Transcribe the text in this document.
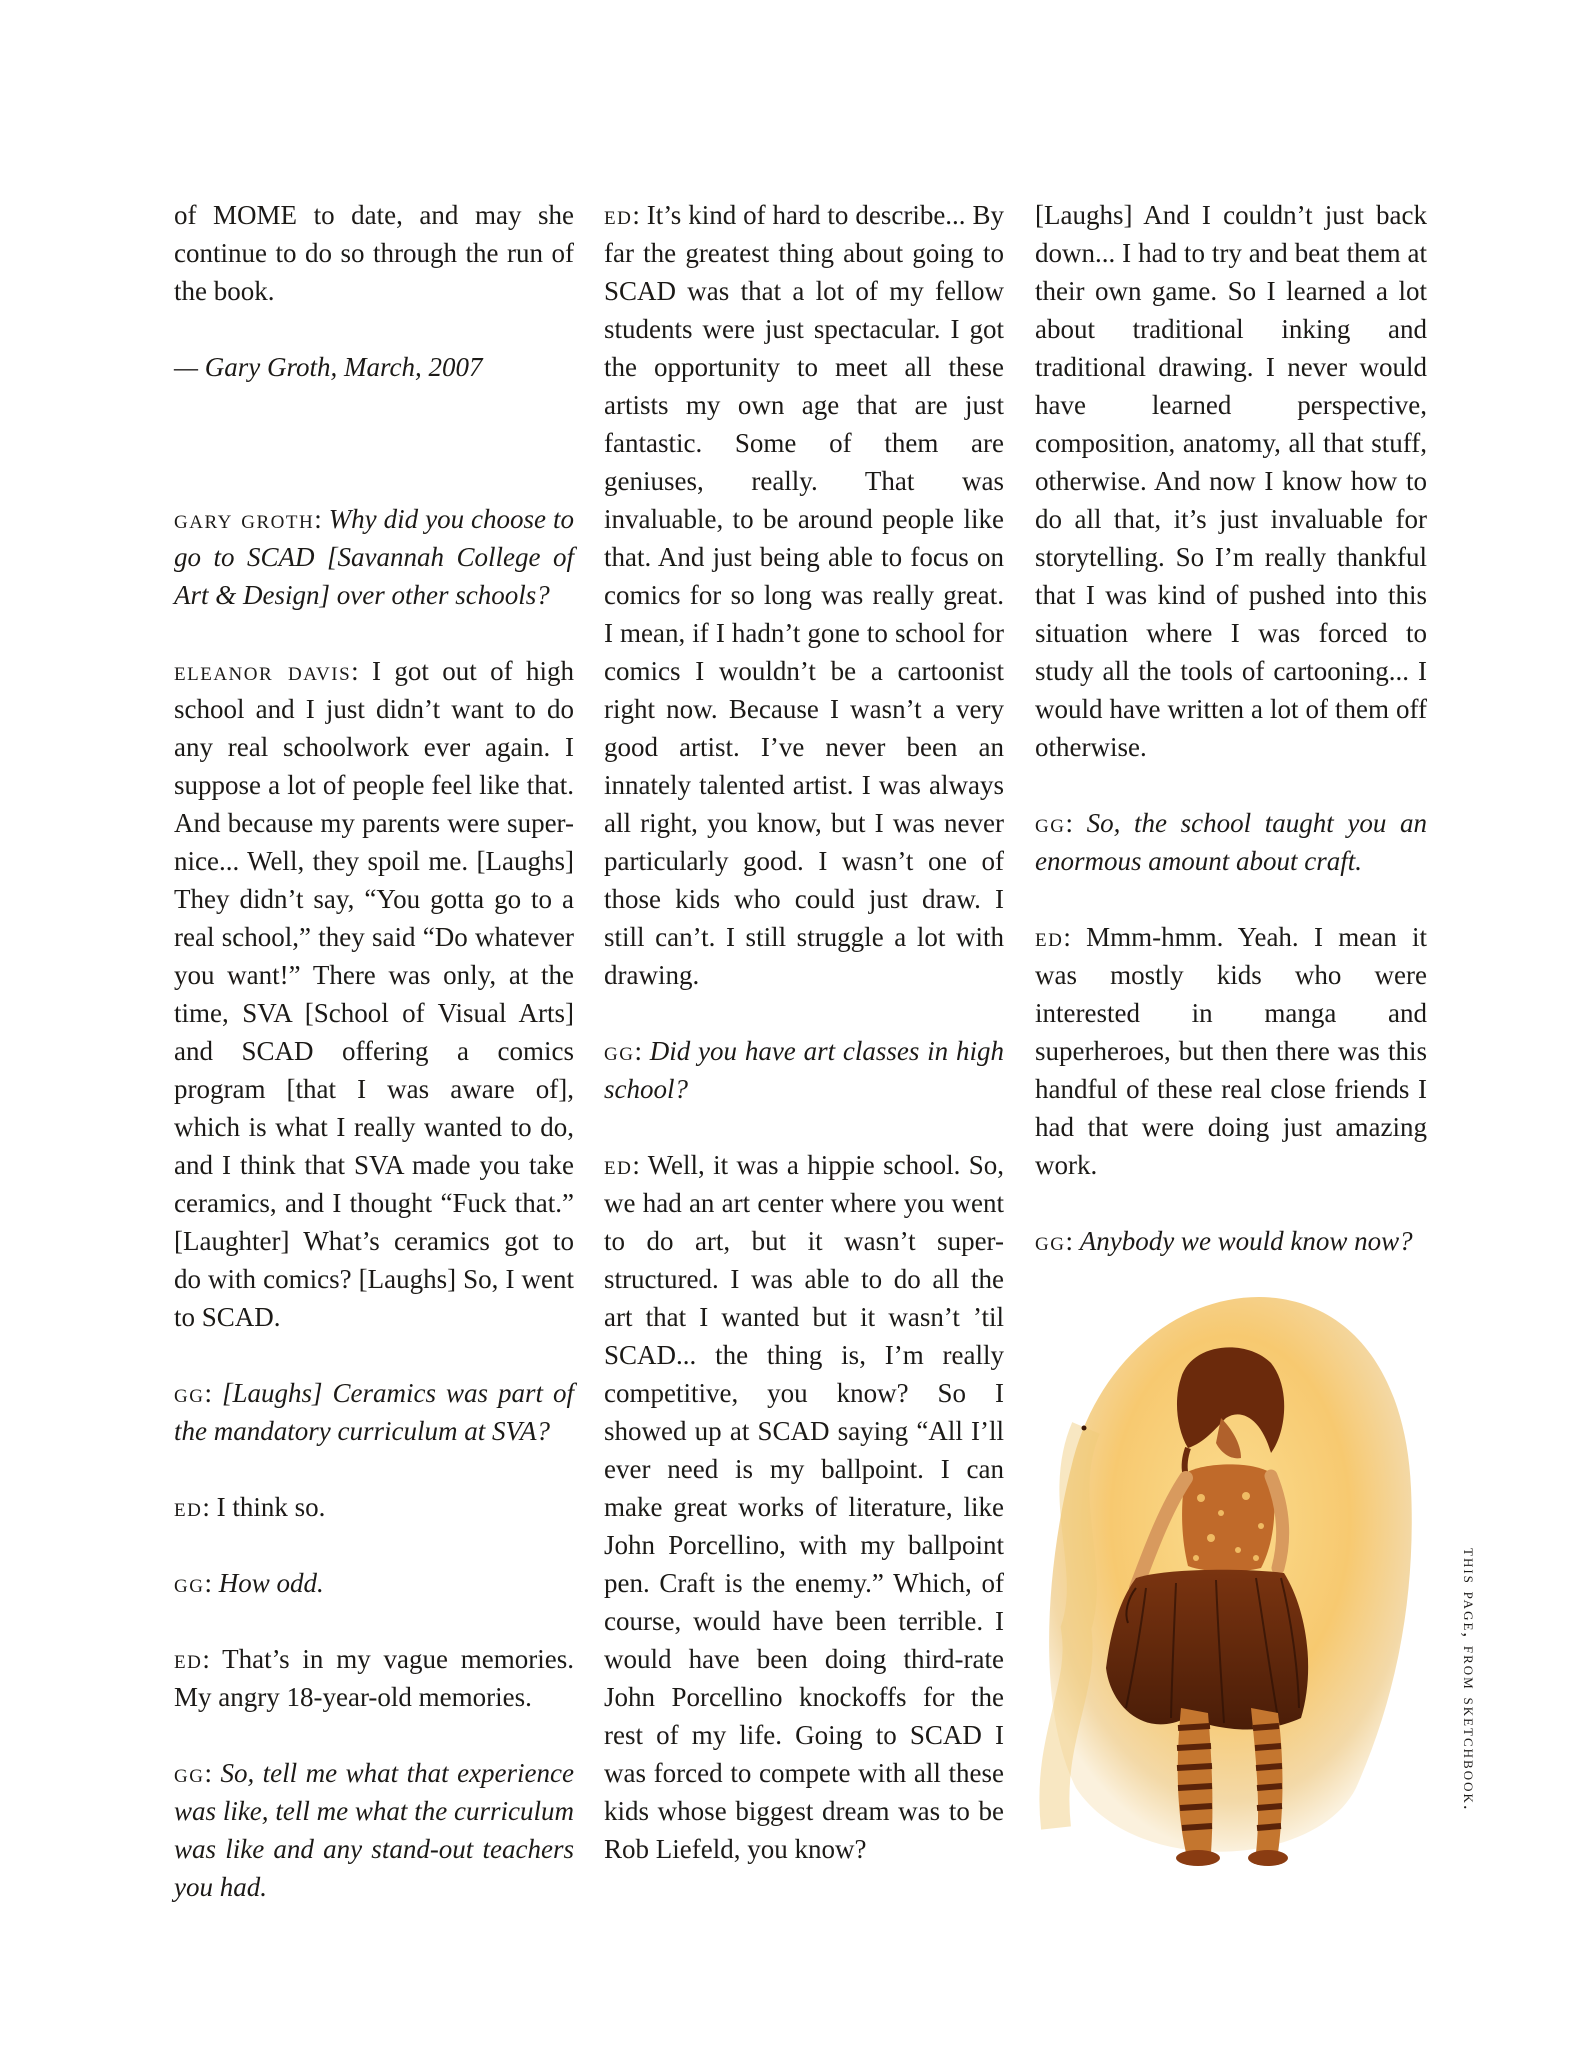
of MOME to date, and may she continue to do so through the run of the book.

— Gary Groth, March, 2007

gary groth: Why did you choose to go to SCAD [Savannah College of Art & Design] over other schools?

eleanor davis: I got out of high school and I just didn’t want to do any real schoolwork ever again. I suppose a lot of people feel like that. And because my parents were super-nice... Well, they spoil me. [Laughs] They didn’t say, “You gotta go to a real school,” they said “Do whatever you want!” There was only, at the time, SVA [School of Visual Arts] and SCAD offering a comics program [that I was aware of], which is what I really wanted to do, and I think that SVA made you take ceramics, and I thought “Fuck that.” [Laughter] What’s ceramics got to do with comics? [Laughs] So, I went to SCAD.

gg: [Laughs] Ceramics was part of the mandatory curriculum at SVA?

ed: I think so.

gg: How odd.

ed: That’s in my vague memories. My angry 18-year-old memories.

gg: So, tell me what that experience was like, tell me what the curriculum was like and any stand-out teachers you had.

ed: It’s kind of hard to describe... By far the greatest thing about going to SCAD was that a lot of my fellow students were just spectacular. I got the opportunity to meet all these artists my own age that are just fantastic. Some of them are geniuses, really. That was invaluable, to be around people like that. And just being able to focus on comics for so long was really great. I mean, if I hadn’t gone to school for comics I wouldn’t be a cartoonist right now. Because I wasn’t a very good artist. I’ve never been an innately talented artist. I was always all right, you know, but I was never particularly good. I wasn’t one of those kids who could just draw. I still can’t. I still struggle a lot with drawing.

gg: Did you have art classes in high school?

ed: Well, it was a hippie school. So, we had an art center where you went to do art, but it wasn’t super-structured. I was able to do all the art that I wanted but it wasn’t ’til SCAD... the thing is, I’m really competitive, you know? So I showed up at SCAD saying “All I’ll ever need is my ballpoint. I can make great works of literature, like John Porcellino, with my ballpoint pen. Craft is the enemy.” Which, of course, would have been terrible. I would have been doing third-rate John Porcellino knockoffs for the rest of my life. Going to SCAD I was forced to compete with all these kids whose biggest dream was to be Rob Liefeld, you know?

[Laughs] And I couldn’t just back down... I had to try and beat them at their own game. So I learned a lot about traditional inking and traditional drawing. I never would have learned perspective, composition, anatomy, all that stuff, otherwise. And now I know how to do all that, it’s just invaluable for storytelling. So I’m really thankful that I was kind of pushed into this situation where I was forced to study all the tools of cartooning... I would have written a lot of them off otherwise.

gg: So, the school taught you an enormous amount about craft.

ed: Mmm-hmm. Yeah. I mean it was mostly kids who were interested in manga and superheroes, but then there was this handful of these real close friends I had that were doing just amazing work.

gg: Anybody we would know now?

this page, from sketchbook.
